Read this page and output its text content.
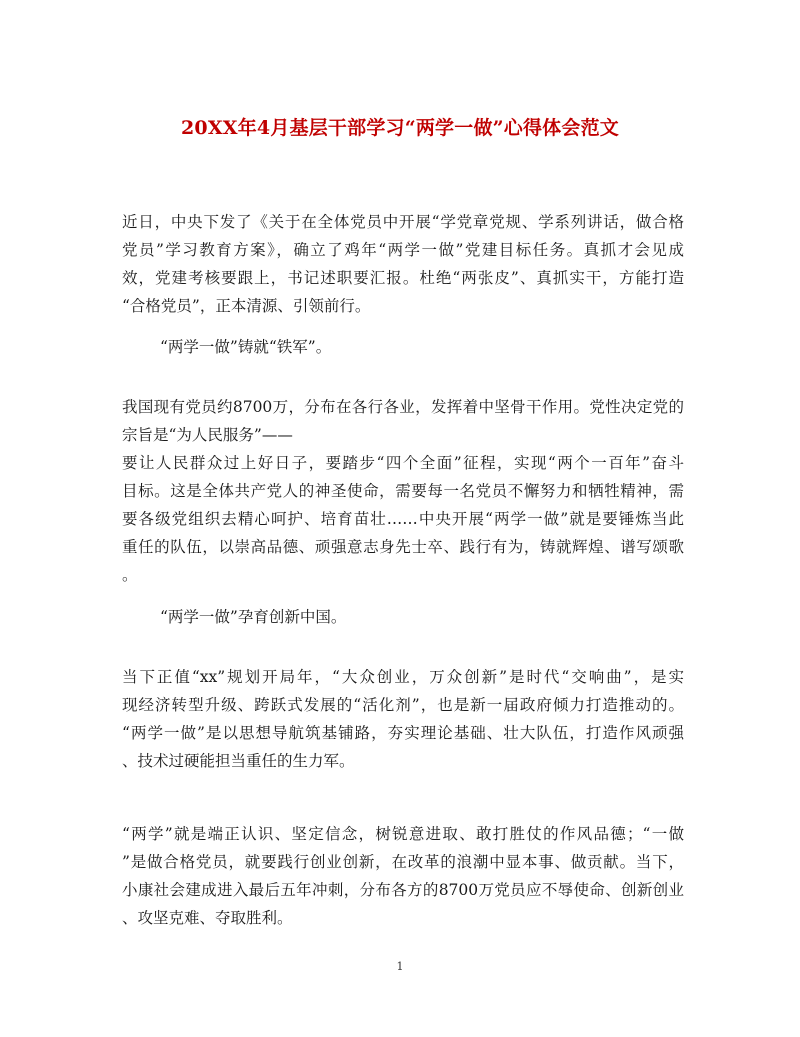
20XX年4月基层干部学习“两学一做”心得体会范文
近日，中央下发了《关于在全体党员中开展“学党章党规、学系列讲话，做合格
党员”学习教育方案》，确立了鸡年“两学一做”党建目标任务。真抓才会见成
效，党建考核要跟上，书记述职要汇报。杜绝“两张皮”、真抓实干，方能打造
“合格党员”，正本清源、引领前行。
“两学一做”铸就“铁军”。
我国现有党员约8700万，分布在各行各业，发挥着中坚骨干作用。党性决定党的
宗旨是“为人民服务”——
要让人民群众过上好日子，要踏步“四个全面”征程，实现“两个一百年”奋斗
目标。这是全体共产党人的神圣使命，需要每一名党员不懈努力和牺牲精神，需
要各级党组织去精心呵护、培育苗壮……中央开展“两学一做”就是要锤炼当此
重任的队伍，以崇高品德、顽强意志身先士卒、践行有为，铸就辉煌、谱写颂歌
。
“两学一做”孕育创新中国。
当下正值“xx”规划开局年，“大众创业，万众创新”是时代“交响曲”，是实
现经济转型升级、跨跃式发展的“活化剂”，也是新一届政府倾力打造推动的。
“两学一做”是以思想导航筑基铺路，夯实理论基础、壮大队伍，打造作风顽强
、技术过硬能担当重任的生力军。
“两学”就是端正认识、坚定信念，树锐意进取、敢打胜仗的作风品德；“一做
”是做合格党员，就要践行创业创新，在改革的浪潮中显本事、做贡献。当下，
小康社会建成进入最后五年冲刺，分布各方的8700万党员应不辱使命、创新创业
、攻坚克难、夺取胜利。
1
